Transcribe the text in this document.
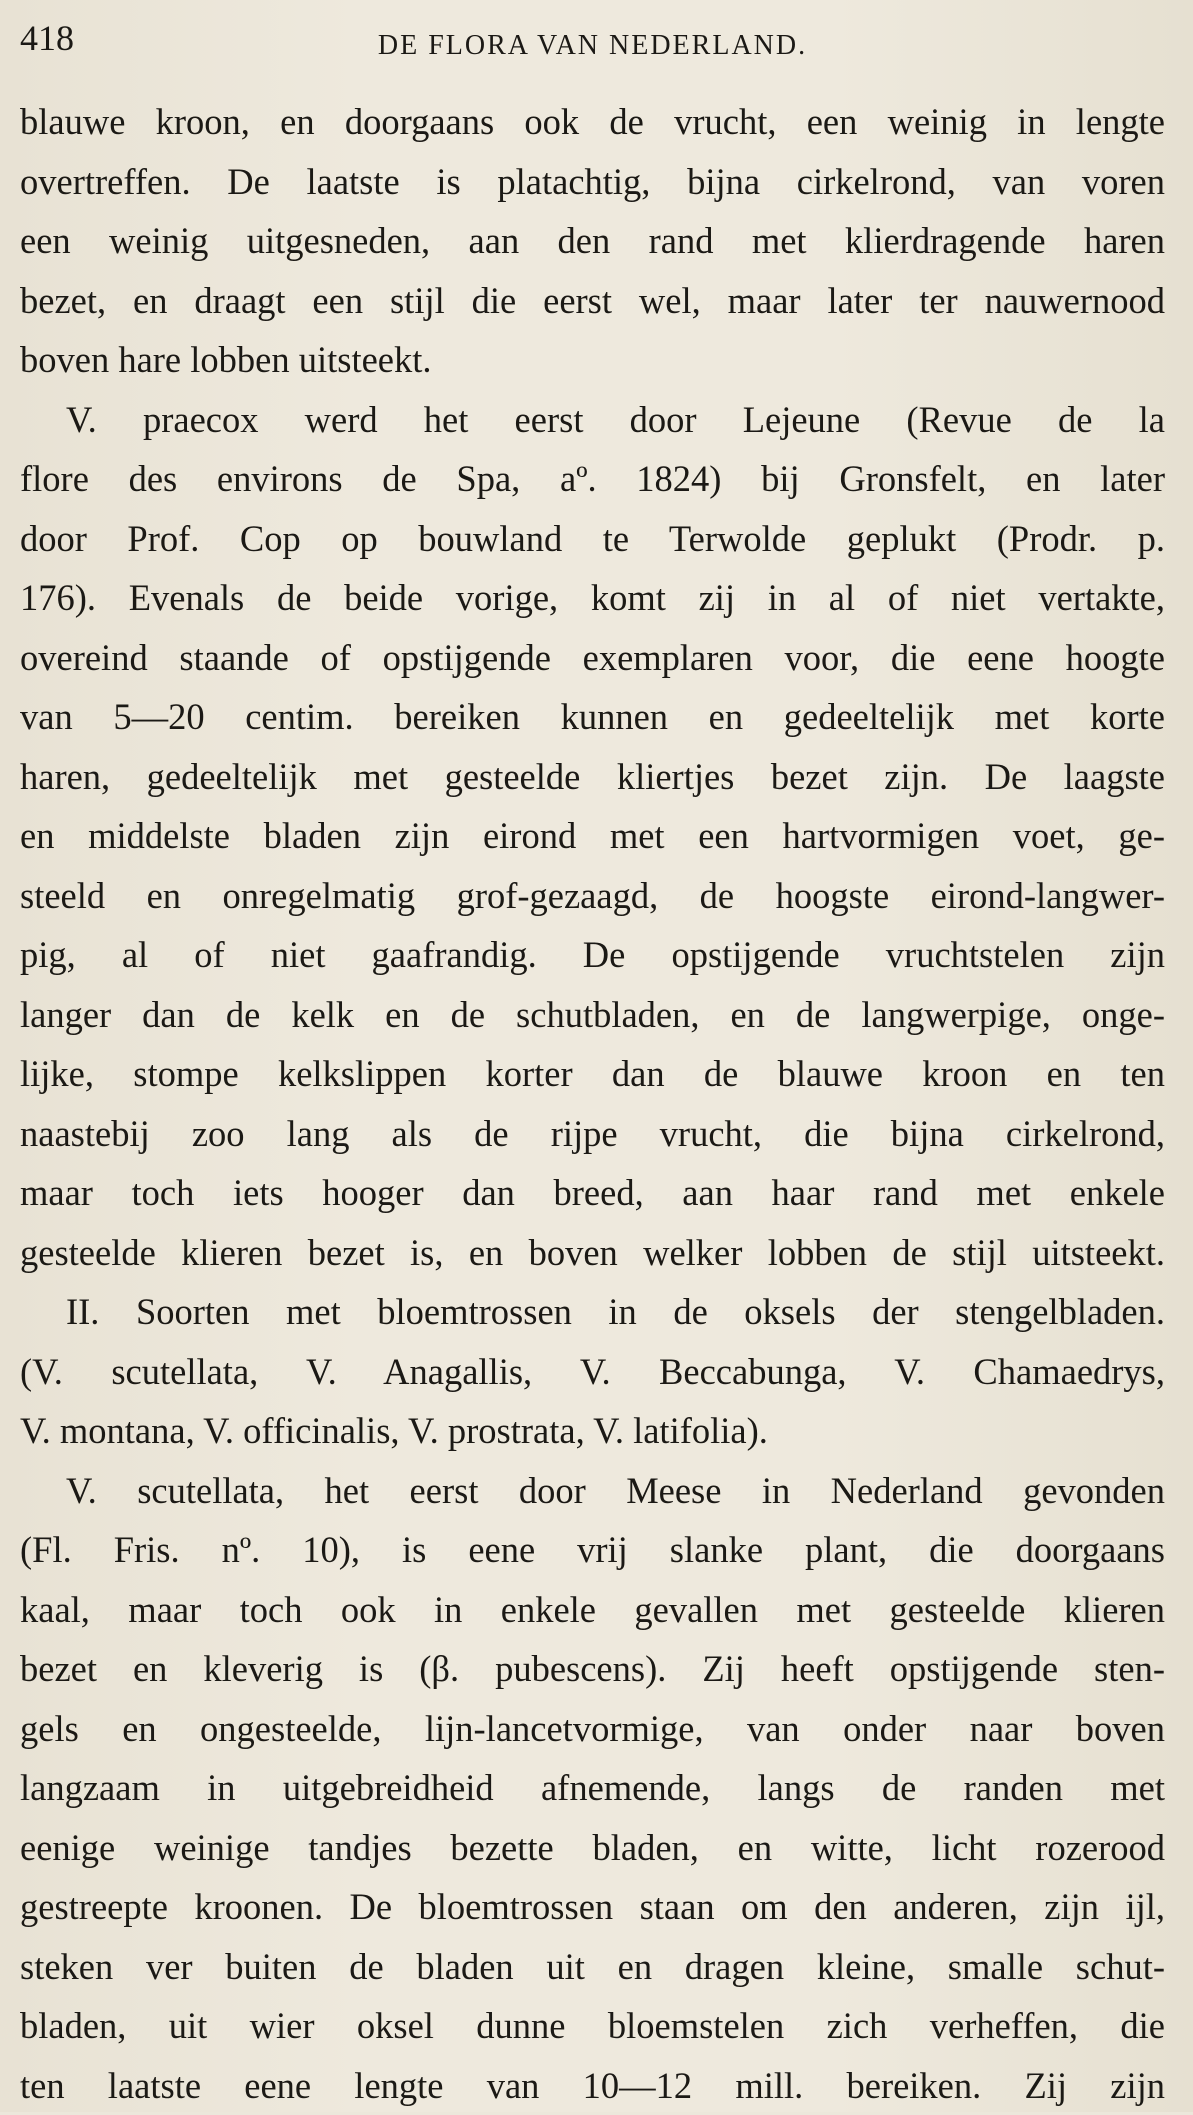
418	DE FLORA VAN NEDERLAND.
blauwe kroon, en doorgaans ook de vrucht, een weinig in lengte
overtreffen. De laatste is platachtig, bijna cirkelrond, van voren
een weinig uitgesneden, aan den rand met klierdragende haren
bezet, en draagt een stijl die eerst wel, maar later ter nauwernood
boven hare lobben uitsteekt.
V. praecox werd het eerst door Lejeune (Revue de la
flore des environs de Spa, aº. 1824) bij Gronsfelt, en later
door Prof. Cop op bouwland te Terwolde geplukt (Prodr. p.
176). Evenals de beide vorige, komt zij in al of niet vertakte,
overeind staande of opstijgende exemplaren voor, die eene hoogte
van 5—20 centim. bereiken kunnen en gedeeltelijk met korte
haren, gedeeltelijk met gesteelde kliertjes bezet zijn. De laagste
en middelste bladen zijn eirond met een hartvormigen voet, ge-
steeld en onregelmatig grof-gezaagd, de hoogste eirond-langwer-
pig, al of niet gaafrandig. De opstijgende vruchtstelen zijn
langer dan de kelk en de schutbladen, en de langwerpige, onge-
lijke, stompe kelkslippen korter dan de blauwe kroon en ten
naastebij zoo lang als de rijpe vrucht, die bijna cirkelrond,
maar toch iets hooger dan breed, aan haar rand met enkele
gesteelde klieren bezet is, en boven welker lobben de stijl uitsteekt.
II. Soorten met bloemtrossen in de oksels der stengelbladen.
(V. scutellata, V. Anagallis, V. Beccabunga, V. Chamaedrys,
V. montana, V. officinalis, V. prostrata, V. latifolia).
V. scutellata, het eerst door Meese in Nederland gevonden
(Fl. Fris. nº. 10), is eene vrij slanke plant, die doorgaans
kaal, maar toch ook in enkele gevallen met gesteelde klieren
bezet en kleverig is (β. pubescens). Zij heeft opstijgende sten-
gels en ongesteelde, lijn-lancetvormige, van onder naar boven
langzaam in uitgebreidheid afnemende, langs de randen met
eenige weinige tandjes bezette bladen, en witte, licht rozerood
gestreepte kroonen. De bloemtrossen staan om den anderen, zijn ijl,
steken ver buiten de bladen uit en dragen kleine, smalle schut-
bladen, uit wier oksel dunne bloemstelen zich verheffen, die
ten laatste eene lengte van 10—12 mill. bereiken. Zij zijn
